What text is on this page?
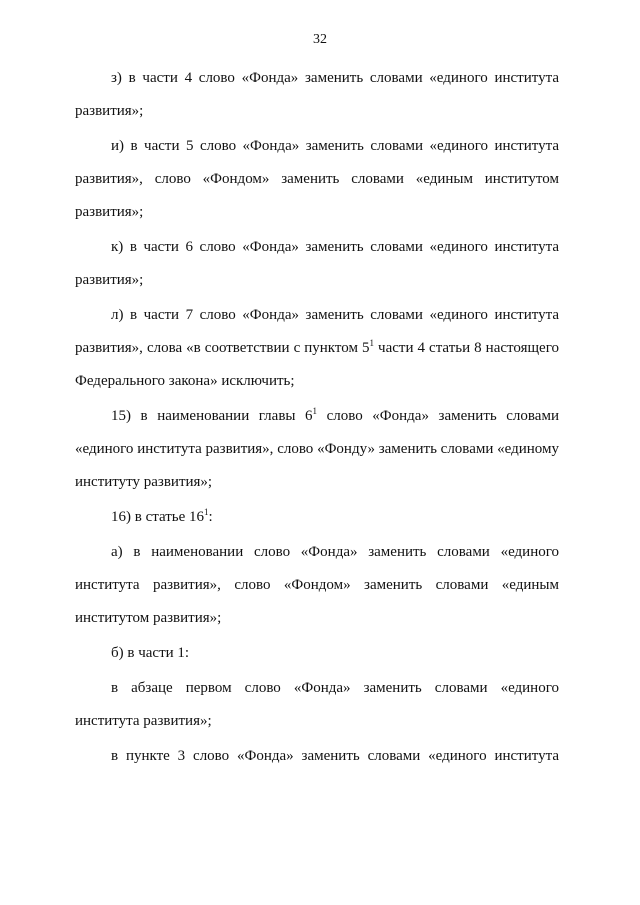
32
з) в части 4 слово «Фонда» заменить словами «единого института
развития»;
и) в части 5 слово «Фонда» заменить словами «единого института
развития», слово «Фондом» заменить словами «единым институтом
развития»;
к) в части 6 слово «Фонда» заменить словами «единого института
развития»;
л) в части 7 слово «Фонда» заменить словами «единого института
развития», слова «в соответствии с пунктом $5^1$ части 4 статьи 8 настоящего
Федерального закона» исключить;
15) в наименовании главы $6^1$ слово «Фонда» заменить словами
«единого института развития», слово «Фонду» заменить словами «единому
институту развития»;
16) в статье $16^1$:
а) в наименовании слово «Фонда» заменить словами «единого
института развития», слово «Фондом» заменить словами «единым
институтом развития»;
б) в части 1:
в абзаце первом слово «Фонда» заменить словами «единого
института развития»;
в пункте 3 слово «Фонда» заменить словами «единого института
